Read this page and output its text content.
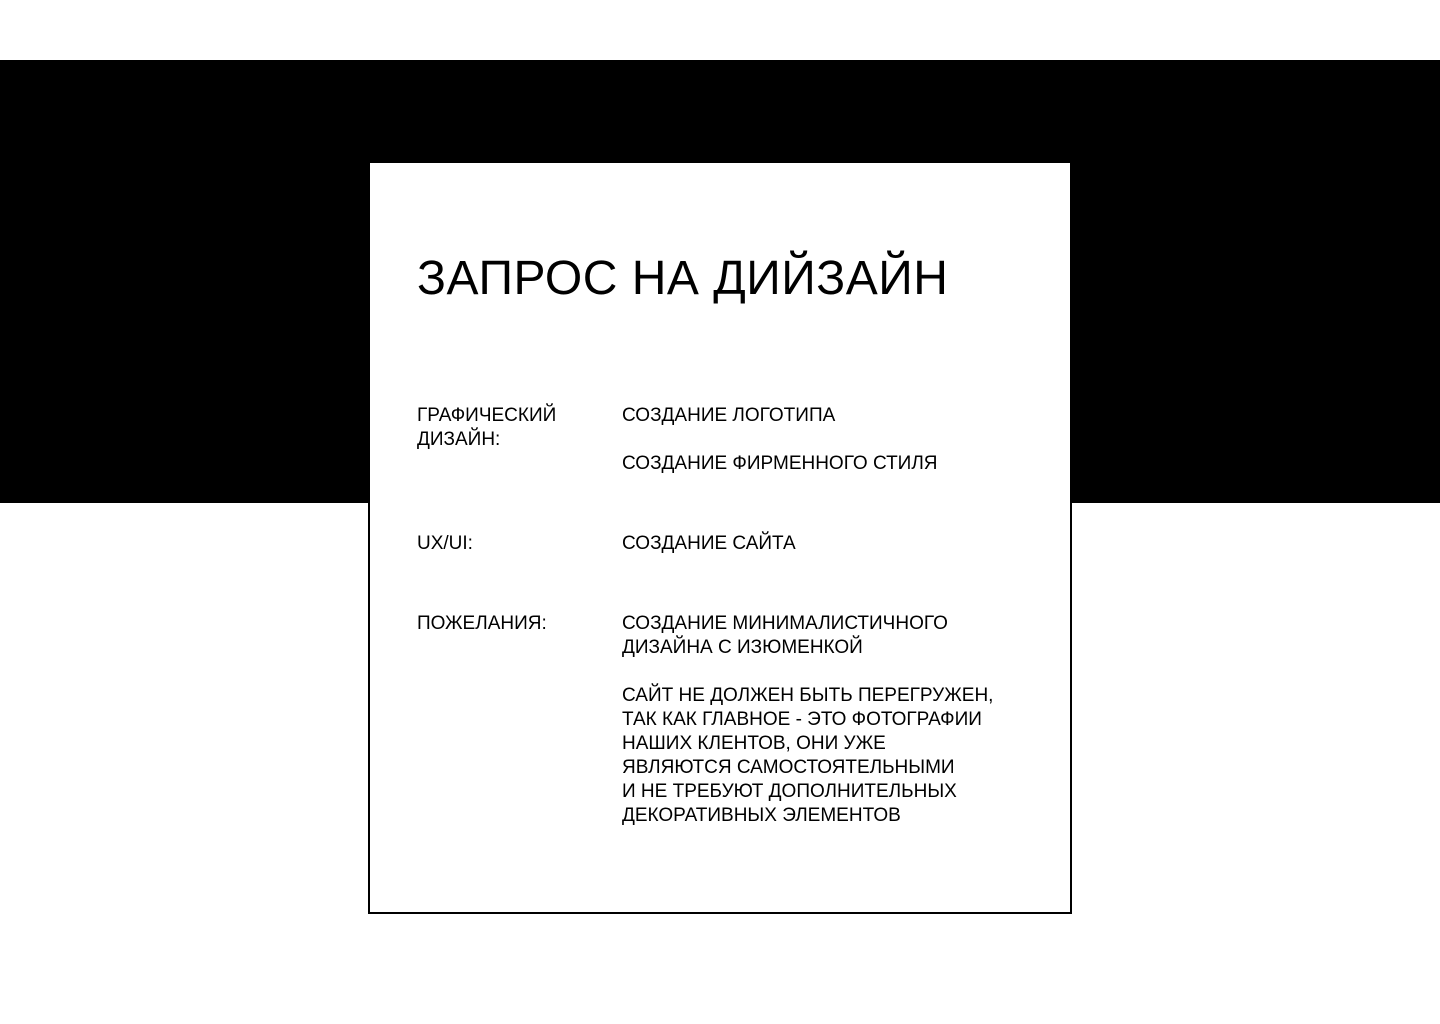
ЗАПРОС НА ДИЙЗАЙН
ГРАФИЧЕСКИЙ
ДИЗАЙН:

СОЗДАНИЕ ЛОГОТИПА

СОЗДАНИЕ ФИРМЕННОГО СТИЛЯ

UX/UI:	СОЗДАНИЕ САЙТА

ПОЖЕЛАНИЯ:	СОЗДАНИЕ МИНИМАЛИСТИЧНОГО
ДИЗАЙНА С ИЗЮМЕНКОЙ

САЙТ НЕ ДОЛЖЕН БЫТЬ ПЕРЕГРУЖЕН,
ТАК КАК ГЛАВНОЕ - ЭТО ФОТОГРАФИИ
НАШИХ КЛЕНТОВ, ОНИ УЖЕ
ЯВЛЯЮТСЯ САМОСТОЯТЕЛЬНЫМИ
И НЕ ТРЕБУЮТ ДОПОЛНИТЕЛЬНЫХ
ДЕКОРАТИВНЫХ ЭЛЕМЕНТОВ
